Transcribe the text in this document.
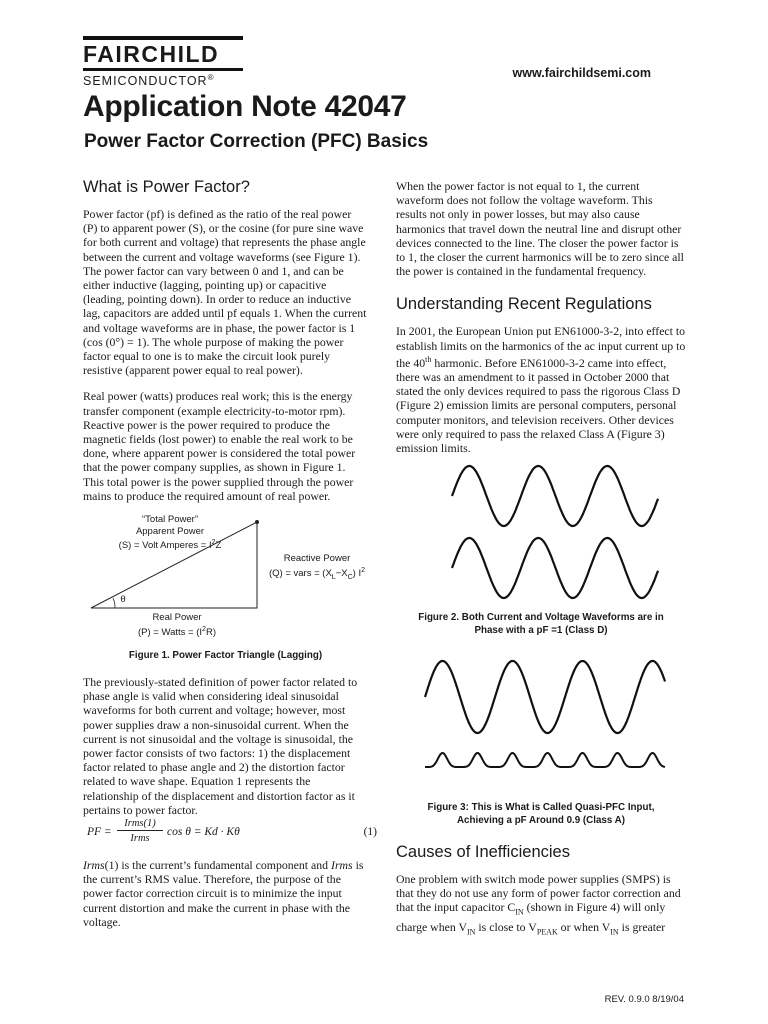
FAIRCHILD
SEMICONDUCTOR®	www.fairchildsemi.com
Application Note 42047
Power Factor Correction (PFC) Basics
What is Power Factor?

Power factor (pf) is defined as the ratio of the real power (P) to apparent power (S), or the cosine (for pure sine wave for both current and voltage) that represents the phase angle between the current and voltage waveforms (see Figure 1). The power factor can vary between 0 and 1, and can be either inductive (lagging, pointing up) or capacitive (leading, pointing down). In order to reduce an inductive lag, capacitors are added until pf equals 1. When the current and voltage waveforms are in phase, the power factor is 1 (cos (0°) = 1). The whole purpose of making the power factor equal to one is to make the circuit look purely resistive (apparent power equal to real power).

Real power (watts) produces real work; this is the energy transfer component (example electricity-to-motor rpm). Reactive power is the power required to produce the magnetic fields (lost power) to enable the real work to be done, where apparent power is considered the total power that the power company supplies, as shown in Figure 1. This total power is the power supplied through the power mains to produce the required amount of real power.

“Total Power”
Apparent Power
(S) = Volt Amperes = $I^2Z$
Reactive Power
(Q) = vars = $(X_L-X_C)$ $I^2$
θ
Real Power
(P) = Watts = $(I^2R)$
Figure 1. Power Factor Triangle (Lagging)

The previously-stated definition of power factor related to phase angle is valid when considering ideal sinusoidal waveforms for both current and voltage; however, most power supplies draw a non-sinusoidal current. When the current is not sinusoidal and the voltage is sinusoidal, the power factor consists of two factors: 1) the displacement factor related to phase angle and 2) the distortion factor related to wave shape. Equation 1 represents the relationship of the displacement and distortion factor as it pertains to power factor.

PF =
Irms(1)
Irms
cos θ = Kd · Kθ	(1)

Irms(1) is the current’s fundamental component and Irms is the current’s RMS value. Therefore, the purpose of the power factor correction circuit is to minimize the input current distortion and make the current in phase with the voltage.

When the power factor is not equal to 1, the current waveform does not follow the voltage waveform. This results not only in power losses, but may also cause harmonics that travel down the neutral line and disrupt other devices connected to the line. The closer the power factor is to 1, the closer the current harmonics will be to zero since all the power is contained in the fundamental frequency.

Understanding Recent Regulations

In 2001, the European Union put EN61000-3-2, into effect to establish limits on the harmonics of the ac input current up to the 40th harmonic. Before EN61000-3-2 came into effect, there was an amendment to it passed in October 2000 that stated the only devices required to pass the rigorous Class D (Figure 2) emission limits are personal computers, personal computer monitors, and television receivers. Other devices were only required to pass the relaxed Class A (Figure 3) emission limits.

Figure 2. Both Current and Voltage Waveforms are in
Phase with a pF =1 (Class D)
Figure 3: This is What is Called Quasi-PFC Input,
Achieving a pF Around 0.9 (Class A)
Causes of Inefficiencies

One problem with switch mode power supplies (SMPS) is that they do not use any form of power factor correction and that the input capacitor $C_{IN}$ (shown in Figure 4) will only charge when $V_{IN}$ is close to $V_{PEAK}$ or when $V_{IN}$ is greater

REV. 0.9.0 8/19/04
